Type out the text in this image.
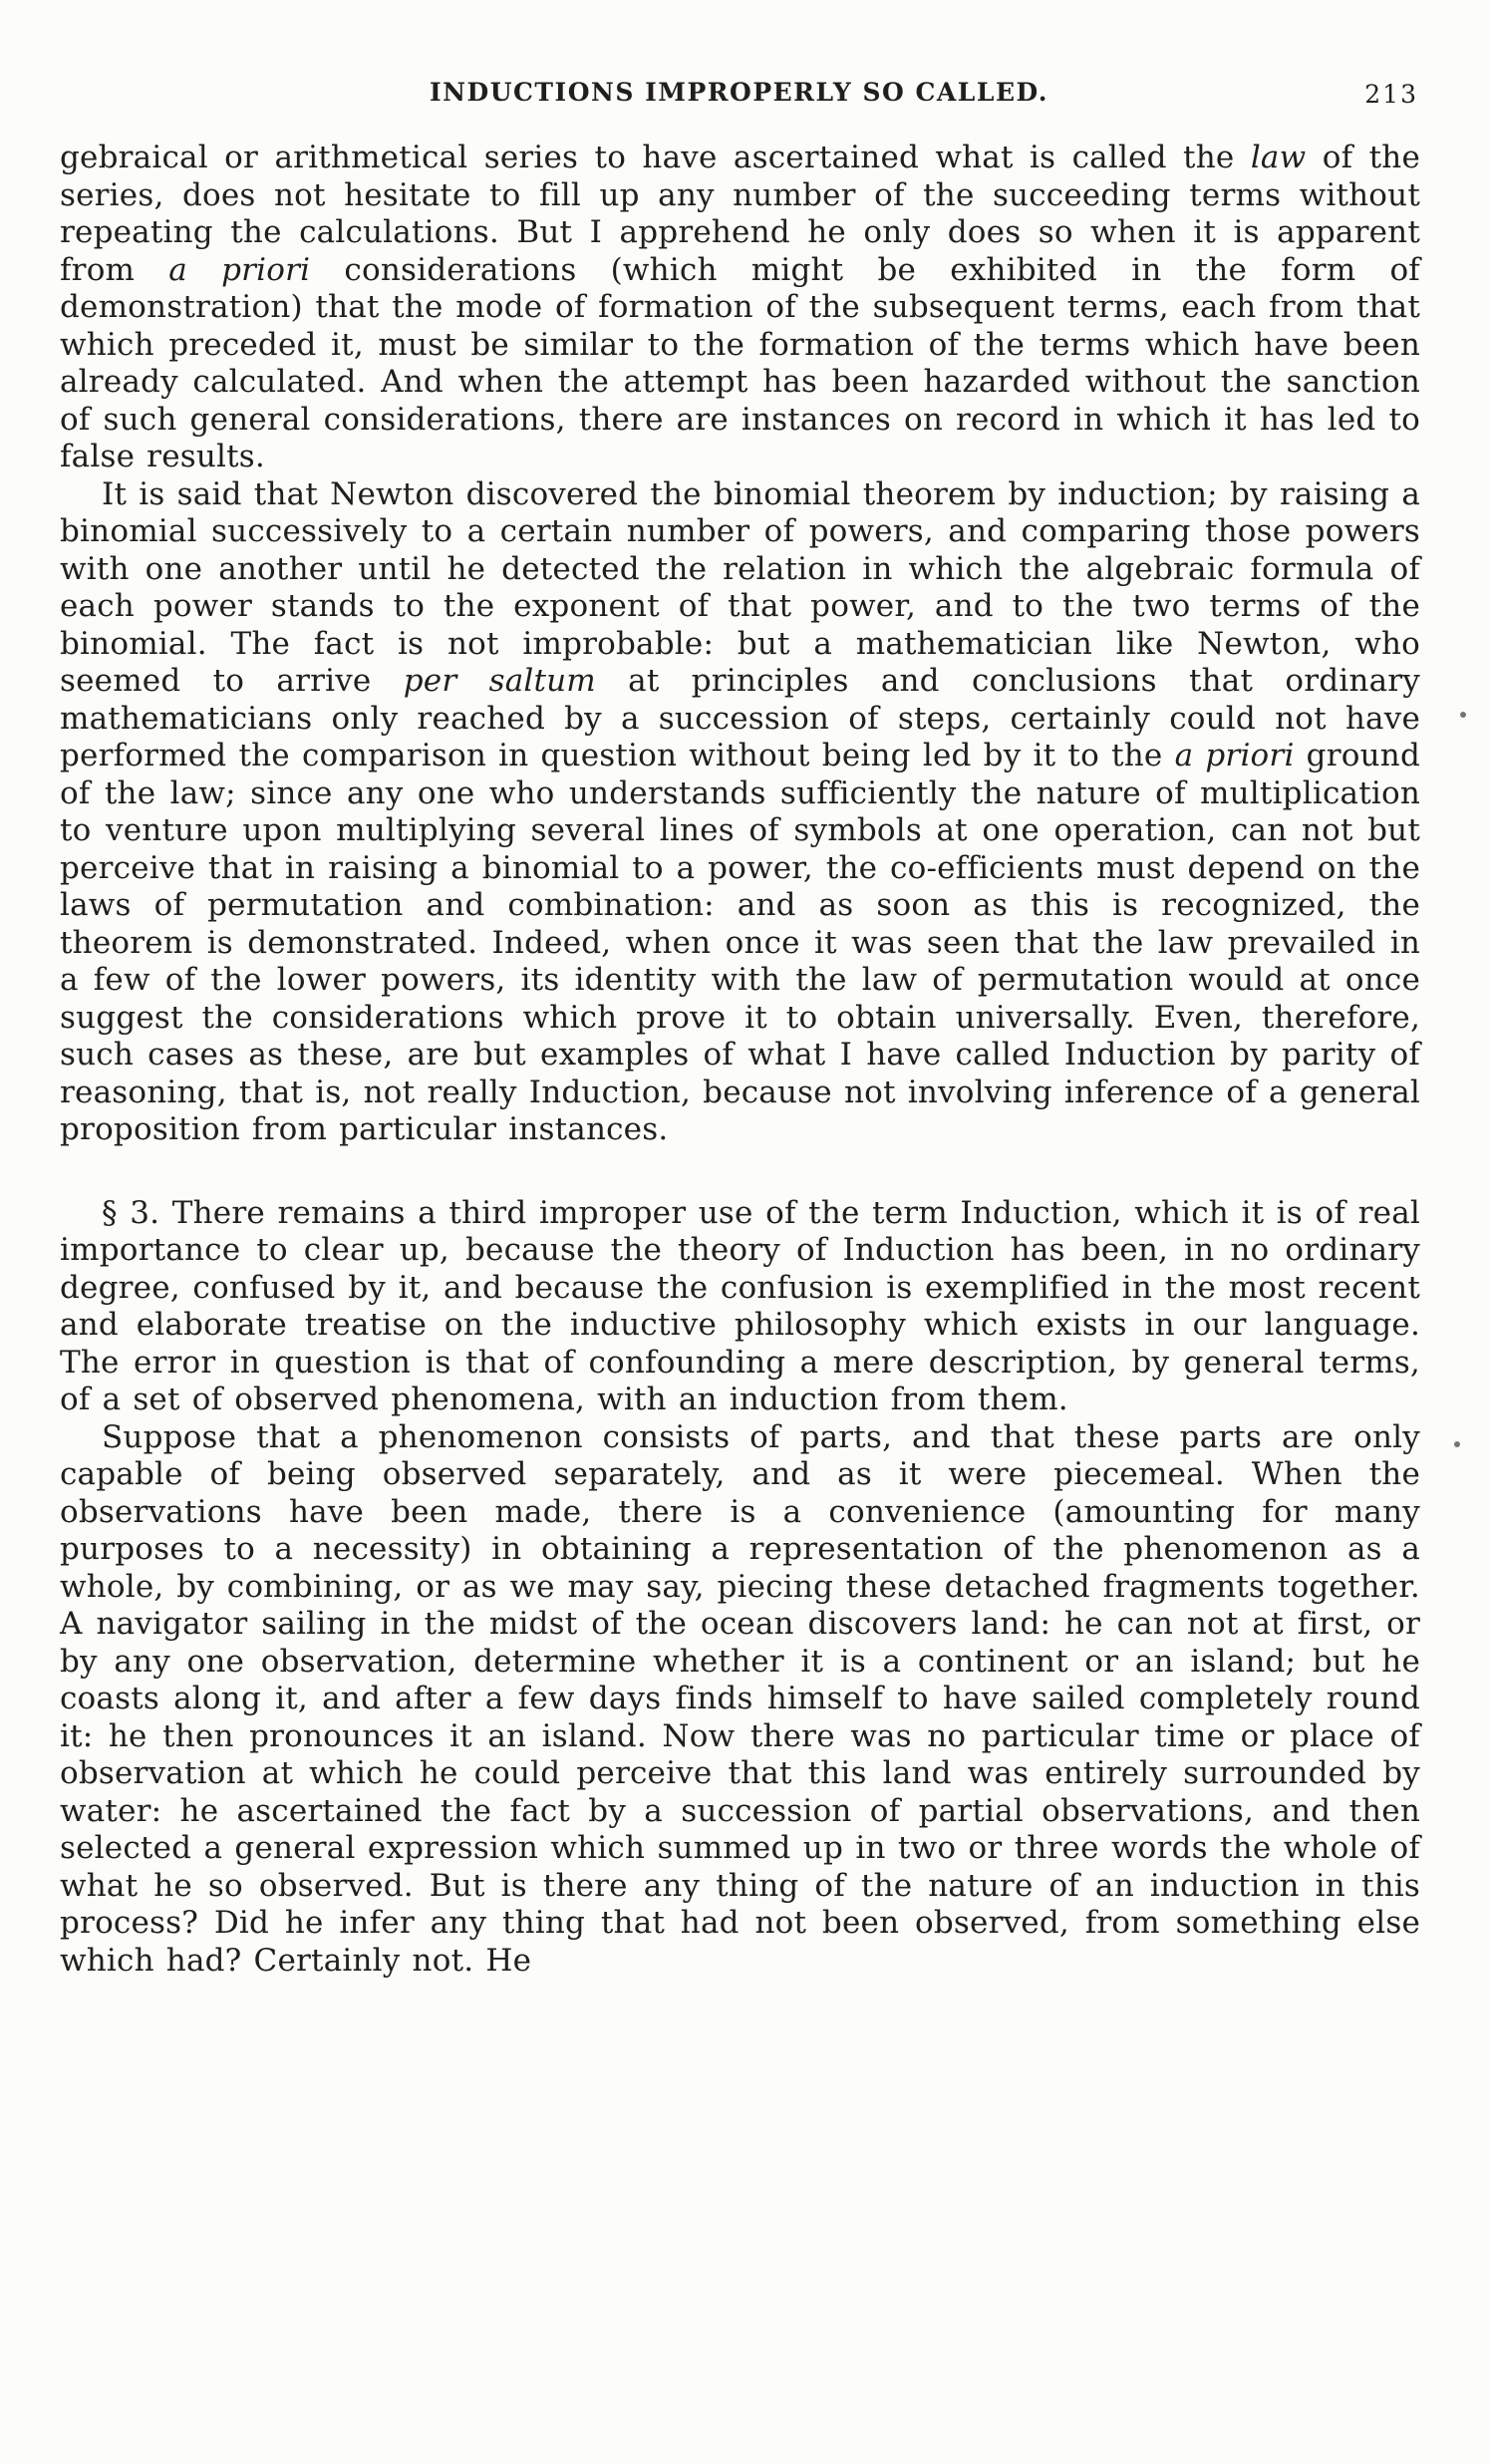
INDUCTIONS IMPROPERLY SO CALLED.	213

gebraical or arithmetical series to have ascertained what is called the law of the series, does not hesitate to fill up any number of the succeeding terms without repeating the calculations. But I apprehend he only does so when it is apparent from a priori considerations (which might be exhibited in the form of demonstration) that the mode of formation of the subsequent terms, each from that which preceded it, must be similar to the formation of the terms which have been already calculated. And when the attempt has been hazarded without the sanction of such general considerations, there are instances on record in which it has led to false results.

It is said that Newton discovered the binomial theorem by induction; by raising a binomial successively to a certain number of powers, and comparing those powers with one another until he detected the relation in which the algebraic formula of each power stands to the exponent of that power, and to the two terms of the binomial. The fact is not improbable: but a mathematician like Newton, who seemed to arrive per saltum at principles and conclusions that ordinary mathematicians only reached by a succession of steps, certainly could not have performed the comparison in question without being led by it to the a priori ground of the law; since any one who understands sufficiently the nature of multiplication to venture upon multiplying several lines of symbols at one operation, can not but perceive that in raising a binomial to a power, the co-efficients must depend on the laws of permutation and combination: and as soon as this is recognized, the theorem is demonstrated. Indeed, when once it was seen that the law prevailed in a few of the lower powers, its identity with the law of permutation would at once suggest the considerations which prove it to obtain universally. Even, therefore, such cases as these, are but examples of what I have called Induction by parity of reasoning, that is, not really Induction, because not involving inference of a general proposition from particular instances.

§ 3. There remains a third improper use of the term Induction, which it is of real importance to clear up, because the theory of Induction has been, in no ordinary degree, confused by it, and because the confusion is exemplified in the most recent and elaborate treatise on the inductive philosophy which exists in our language. The error in question is that of confounding a mere description, by general terms, of a set of observed phenomena, with an induction from them.

Suppose that a phenomenon consists of parts, and that these parts are only capable of being observed separately, and as it were piecemeal. When the observations have been made, there is a convenience (amounting for many purposes to a necessity) in obtaining a representation of the phenomenon as a whole, by combining, or as we may say, piecing these detached fragments together. A navigator sailing in the midst of the ocean discovers land: he can not at first, or by any one observation, determine whether it is a continent or an island; but he coasts along it, and after a few days finds himself to have sailed completely round it: he then pronounces it an island. Now there was no particular time or place of observation at which he could perceive that this land was entirely surrounded by water: he ascertained the fact by a succession of partial observations, and then selected a general expression which summed up in two or three words the whole of what he so observed. But is there any thing of the nature of an induction in this process? Did he infer any thing that had not been observed, from something else which had? Certainly not. He
